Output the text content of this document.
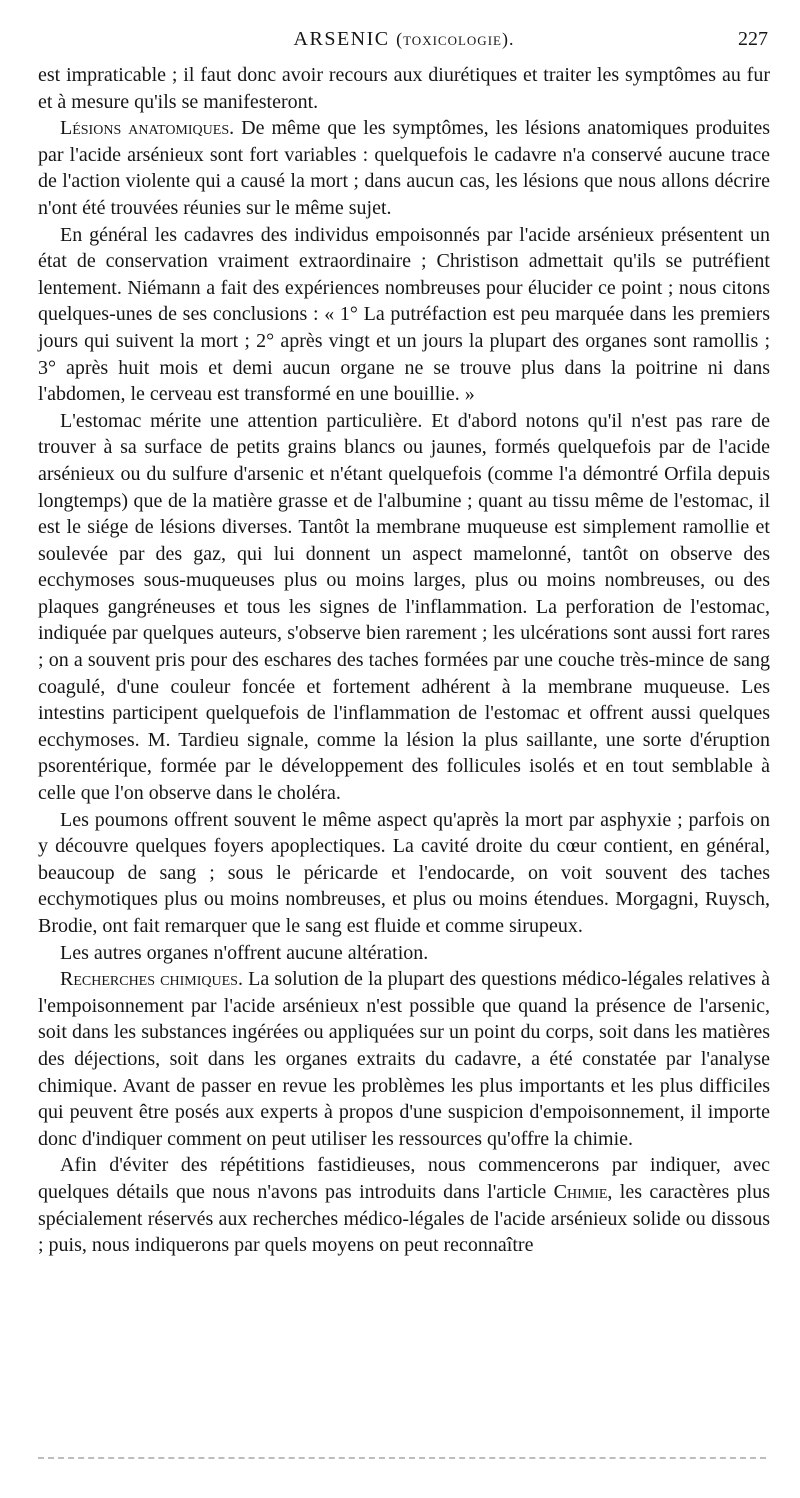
ARSENIC (toxicologie).	227

est impraticable ; il faut donc avoir recours aux diurétiques et traiter les symptômes au fur et à mesure qu'ils se manifesteront.

Lésions anatomiques. De même que les symptômes, les lésions anatomiques produites par l'acide arsénieux sont fort variables : quelquefois le cadavre n'a conservé aucune trace de l'action violente qui a causé la mort ; dans aucun cas, les lésions que nous allons décrire n'ont été trouvées réunies sur le même sujet.

En général les cadavres des individus empoisonnés par l'acide arsénieux présentent un état de conservation vraiment extraordinaire ; Christison admettait qu'ils se putréfient lentement. Niémann a fait des expériences nombreuses pour élucider ce point ; nous citons quelques-unes de ses conclusions : « 1° La putréfaction est peu marquée dans les premiers jours qui suivent la mort ; 2° après vingt et un jours la plupart des organes sont ramollis ; 3° après huit mois et demi aucun organe ne se trouve plus dans la poitrine ni dans l'abdomen, le cerveau est transformé en une bouillie. »

L'estomac mérite une attention particulière. Et d'abord notons qu'il n'est pas rare de trouver à sa surface de petits grains blancs ou jaunes, formés quelquefois par de l'acide arsénieux ou du sulfure d'arsenic et n'étant quelquefois (comme l'a démontré Orfila depuis longtemps) que de la matière grasse et de l'albumine ; quant au tissu même de l'estomac, il est le siége de lésions diverses. Tantôt la membrane muqueuse est simplement ramollie et soulevée par des gaz, qui lui donnent un aspect mamelonné, tantôt on observe des ecchymoses sous-muqueuses plus ou moins larges, plus ou moins nombreuses, ou des plaques gangréneuses et tous les signes de l'inflammation. La perforation de l'estomac, indiquée par quelques auteurs, s'observe bien rarement ; les ulcérations sont aussi fort rares ; on a souvent pris pour des eschares des taches formées par une couche très-mince de sang coagulé, d'une couleur foncée et fortement adhérent à la membrane muqueuse. Les intestins participent quelquefois de l'inflammation de l'estomac et offrent aussi quelques ecchymoses. M. Tardieu signale, comme la lésion la plus saillante, une sorte d'éruption psorentérique, formée par le développement des follicules isolés et en tout semblable à celle que l'on observe dans le choléra.

Les poumons offrent souvent le même aspect qu'après la mort par asphyxie ; parfois on y découvre quelques foyers apoplectiques. La cavité droite du cœur contient, en général, beaucoup de sang ; sous le péricarde et l'endocarde, on voit souvent des taches ecchymotiques plus ou moins nombreuses, et plus ou moins étendues. Morgagni, Ruysch, Brodie, ont fait remarquer que le sang est fluide et comme sirupeux.

Les autres organes n'offrent aucune altération.

Recherches chimiques. La solution de la plupart des questions médico-légales relatives à l'empoisonnement par l'acide arsénieux n'est possible que quand la présence de l'arsenic, soit dans les substances ingérées ou appliquées sur un point du corps, soit dans les matières des déjections, soit dans les organes extraits du cadavre, a été constatée par l'analyse chimique. Avant de passer en revue les problèmes les plus importants et les plus difficiles qui peuvent être posés aux experts à propos d'une suspicion d'empoisonnement, il importe donc d'indiquer comment on peut utiliser les ressources qu'offre la chimie.

Afin d'éviter des répétitions fastidieuses, nous commencerons par indiquer, avec quelques détails que nous n'avons pas introduits dans l'article Chimie, les caractères plus spécialement réservés aux recherches médico-légales de l'acide arsénieux solide ou dissous ; puis, nous indiquerons par quels moyens on peut reconnaître
